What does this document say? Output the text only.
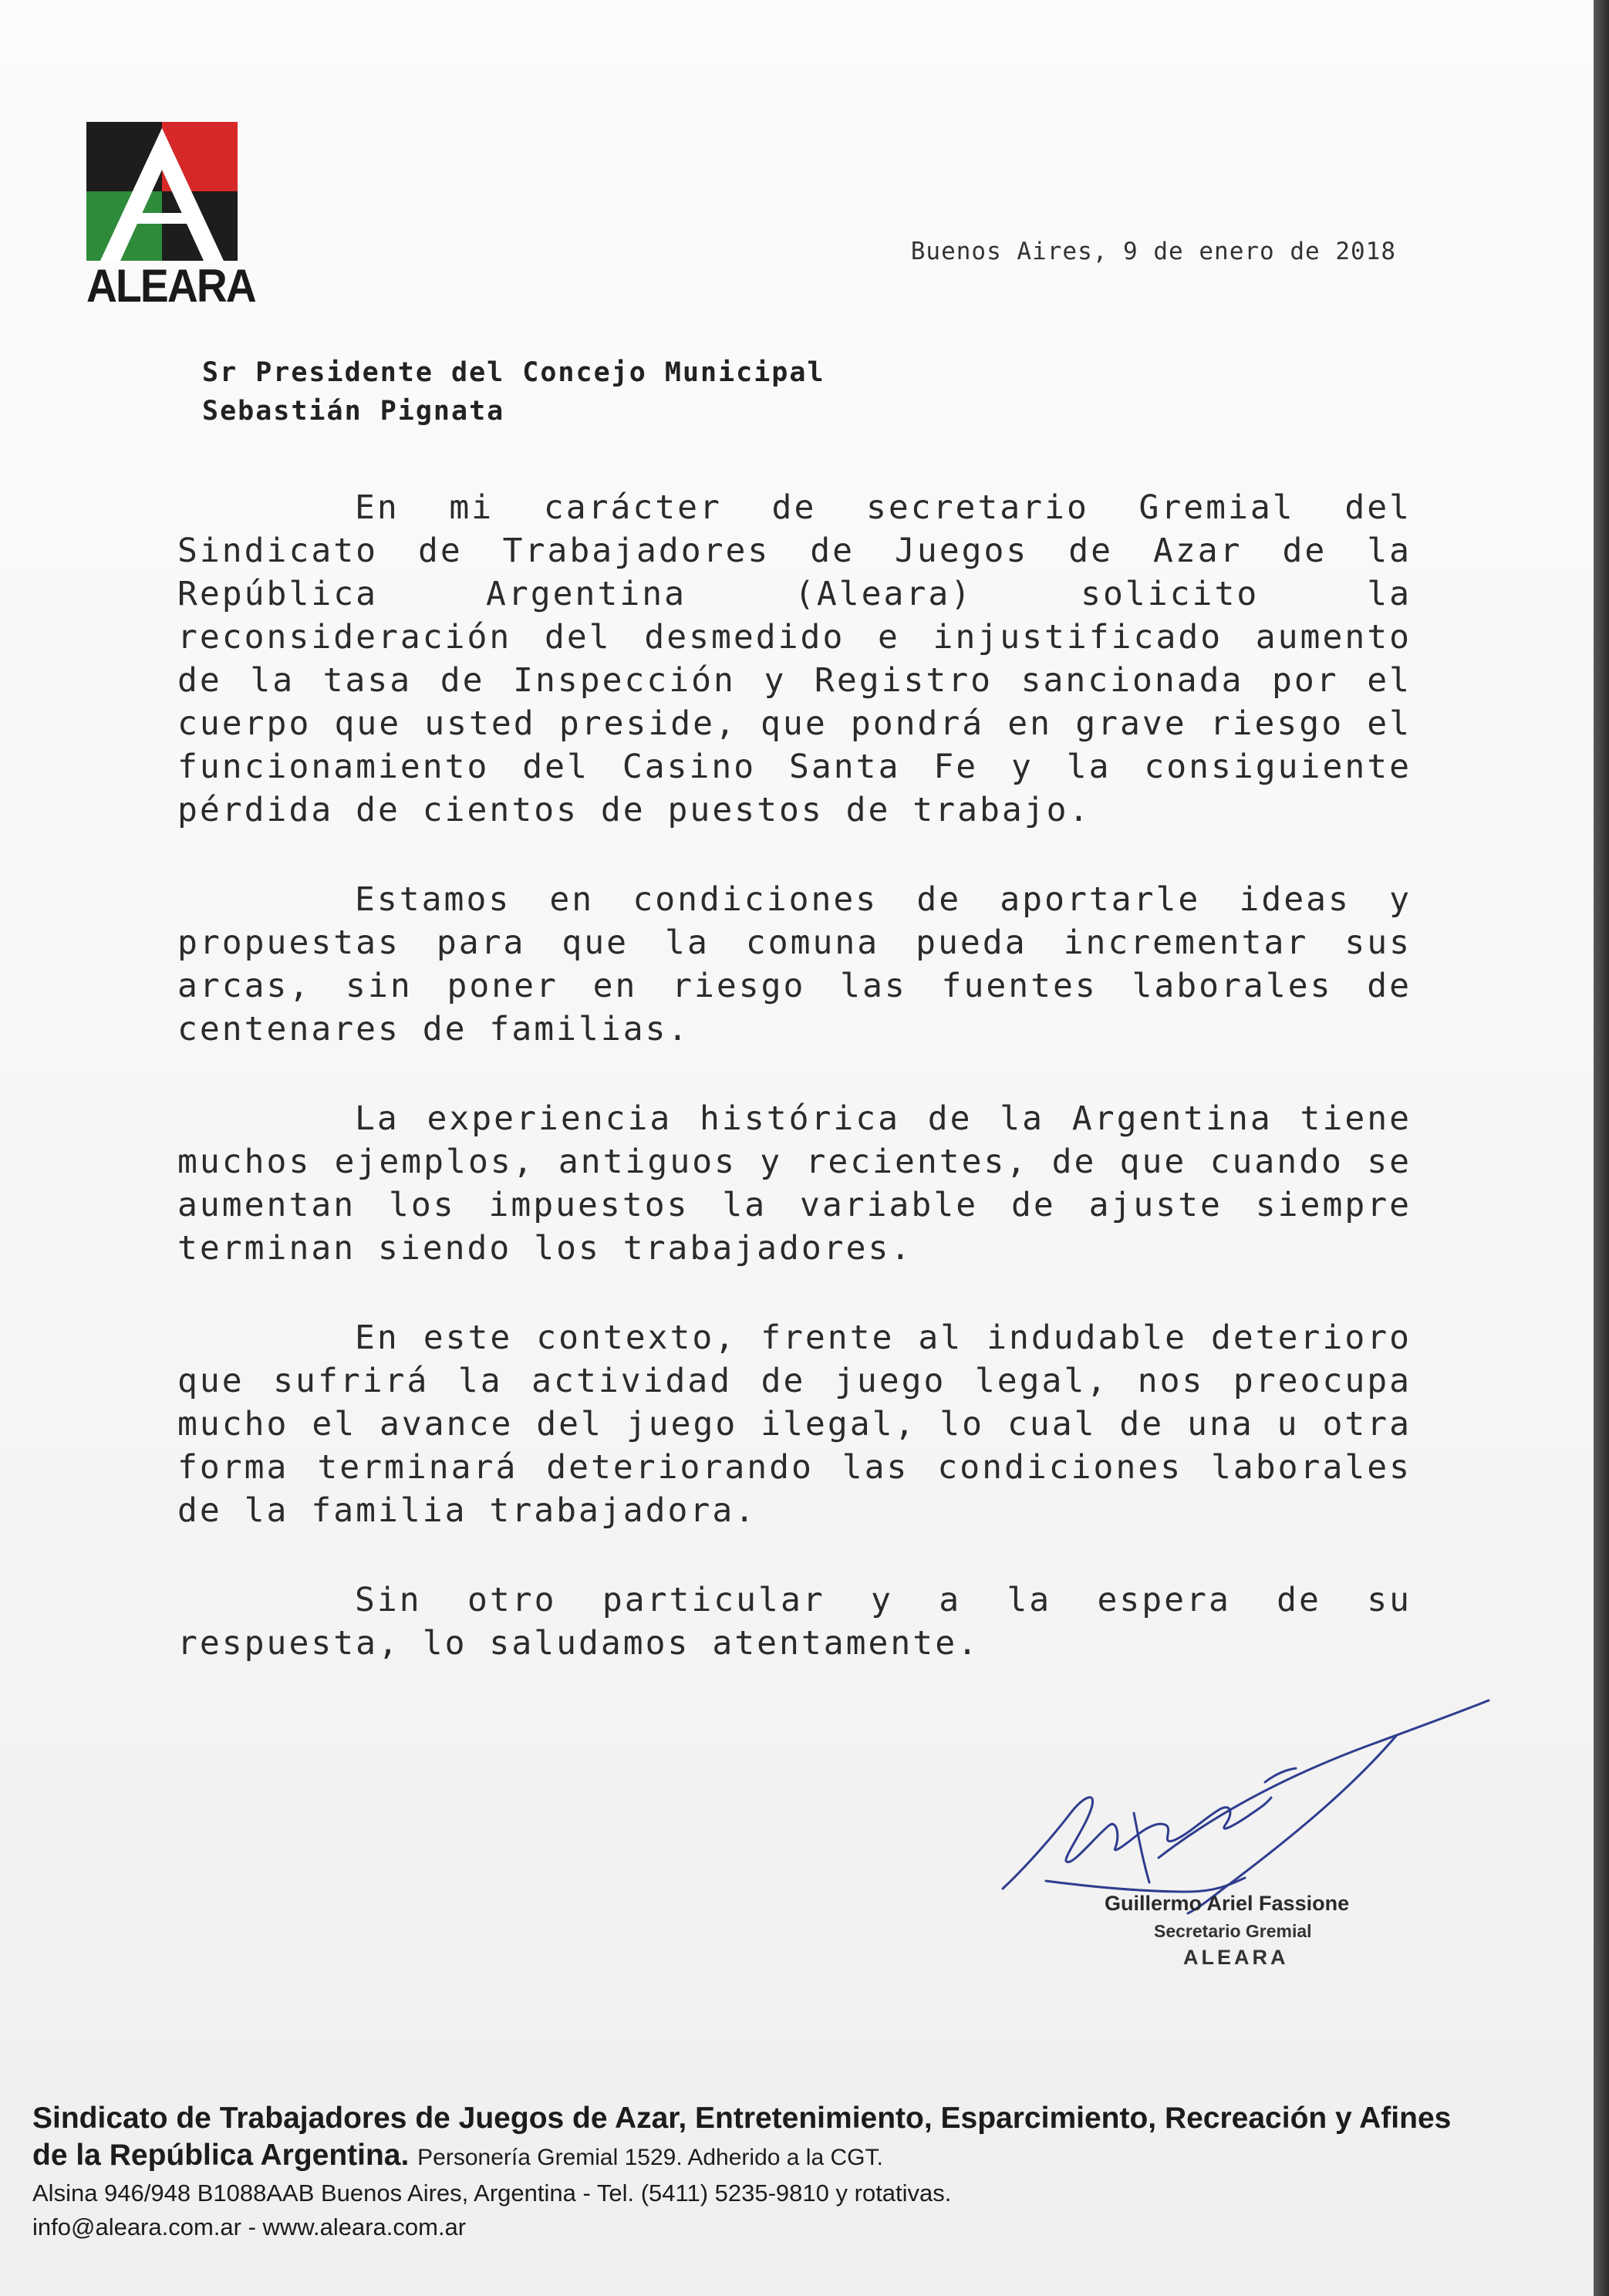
ALEARA
Buenos Aires, 9 de enero de 2018
Sr Presidente del Concejo Municipal
Sebastián Pignata

En mi carácter de secretario Gremial del Sindicato de Trabajadores de Juegos de Azar de la República Argentina (Aleara) solicito la reconsideración del desmedido e injustificado aumento de la tasa de Inspección y Registro sancionada por el cuerpo que usted preside, que pondrá en grave riesgo el funcionamiento del Casino Santa Fe y la consiguiente pérdida de cientos de puestos de trabajo.

Estamos en condiciones de aportarle ideas y propuestas para que la comuna pueda incrementar sus arcas, sin poner en riesgo las fuentes laborales de centenares de familias.

La experiencia histórica de la Argentina tiene muchos ejemplos, antiguos y recientes, de que cuando se aumentan los impuestos la variable de ajuste siempre terminan siendo los trabajadores.

En este contexto, frente al indudable deterioro que sufrirá la actividad de juego legal, nos preocupa mucho el avance del juego ilegal, lo cual de una u otra forma terminará deteriorando las condiciones laborales de la familia trabajadora.

Sin otro particular y a la espera de su respuesta, lo saludamos atentamente.

Guillermo Ariel Fassione
Secretario Gremial
ALEARA
Sindicato de Trabajadores de Juegos de Azar, Entretenimiento, Esparcimiento, Recreación y Afines
de la República Argentina. Personería Gremial 1529. Adherido a la CGT.
Alsina 946/948 B1088AAB Buenos Aires, Argentina - Tel. (5411) 5235-9810 y rotativas.
info@aleara.com.ar - www.aleara.com.ar
